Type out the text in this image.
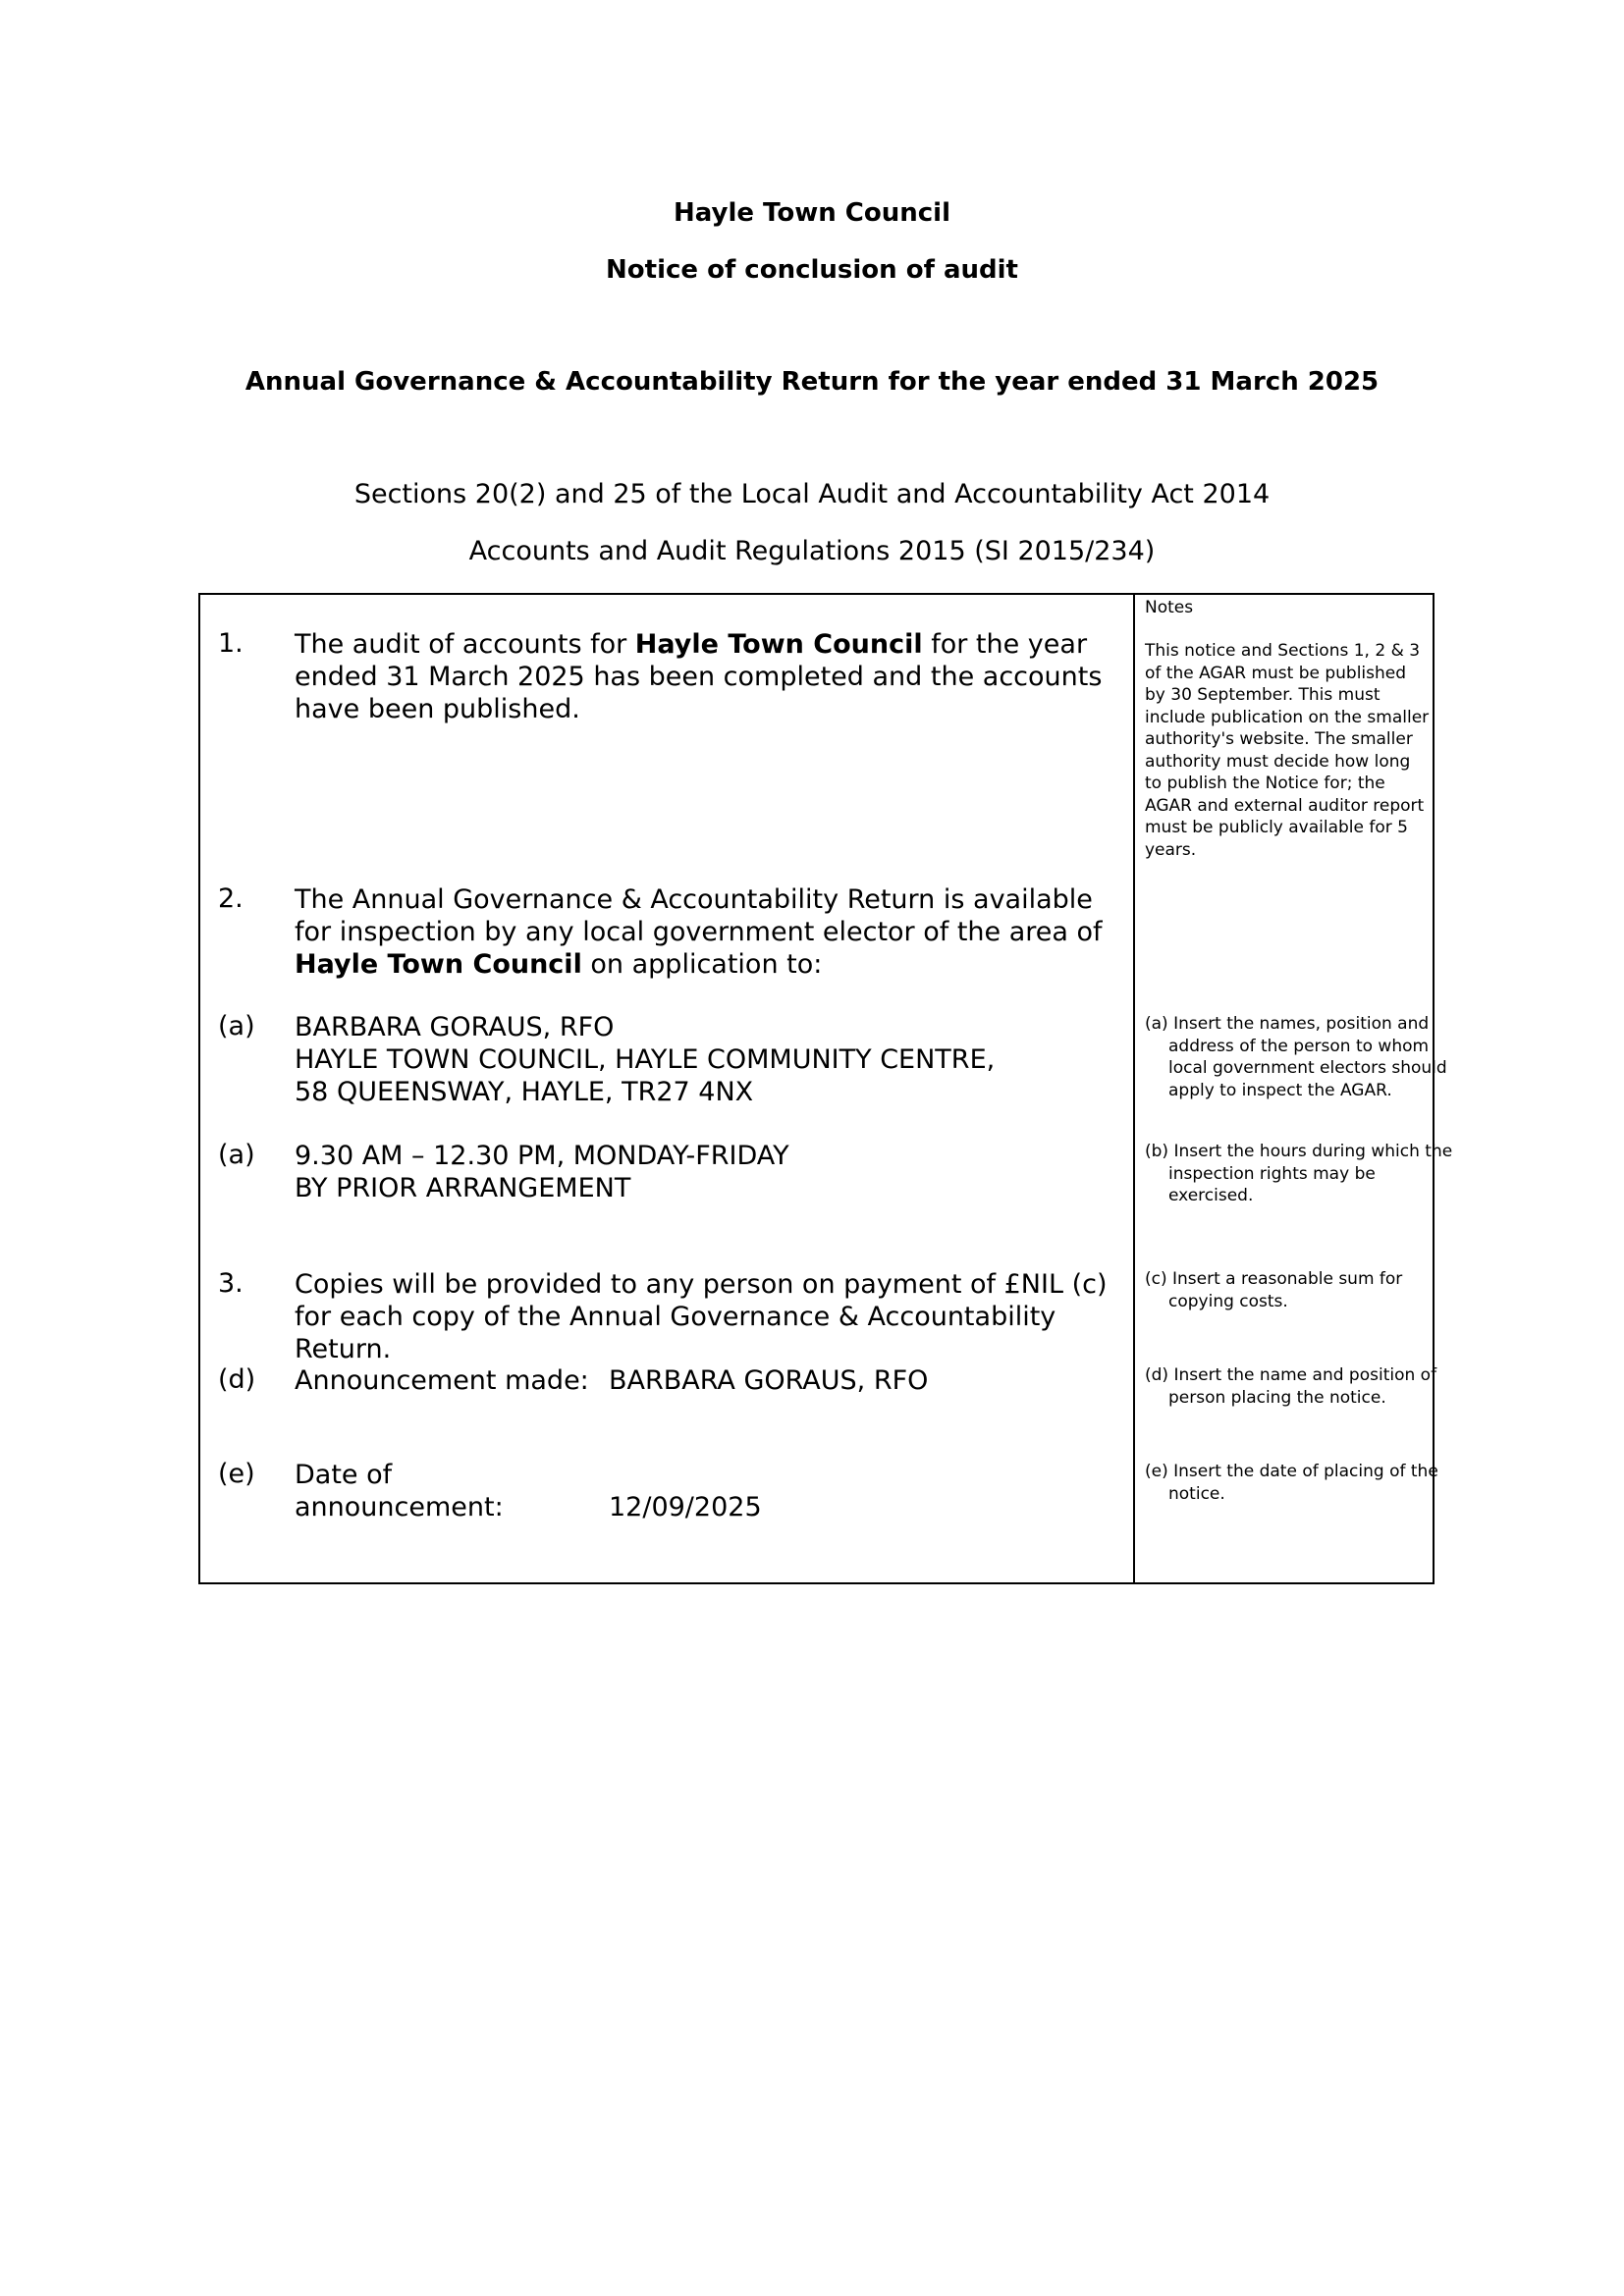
Hayle Town Council
Notice of conclusion of audit
Annual Governance & Accountability Return for the year ended 31 March 2025
Sections 20(2) and 25 of the Local Audit and Accountability Act 2014
Accounts and Audit Regulations 2015 (SI 2015/234)
1. The audit of accounts for Hayle Town Council for the year ended 31 March 2025 has been completed and the accounts have been published.
2. The Annual Governance & Accountability Return is available for inspection by any local government elector of the area of Hayle Town Council on application to:
(a) BARBARA GORAUS, RFO
HAYLE TOWN COUNCIL, HAYLE COMMUNITY CENTRE,
58 QUEENSWAY, HAYLE, TR27 4NX
(a) 9.30 AM – 12.30 PM, MONDAY-FRIDAY
BY PRIOR ARRANGEMENT
3. Copies will be provided to any person on payment of £NIL (c) for each copy of the Annual Governance & Accountability Return.
(d) Announcement made: BARBARA GORAUS, RFO
(e) Date of announcement:	12/09/2025
Notes
This notice and Sections 1, 2 & 3 of the AGAR must be published by 30 September. This must include publication on the smaller authority's website. The smaller authority must decide how long to publish the Notice for; the AGAR and external auditor report must be publicly available for 5 years.
(a) Insert the names, position and address of the person to whom local government electors should apply to inspect the AGAR.
(b) Insert the hours during which the inspection rights may be exercised.
(c) Insert a reasonable sum for copying costs.
(d) Insert the name and position of person placing the notice.
(e) Insert the date of placing of the notice.
